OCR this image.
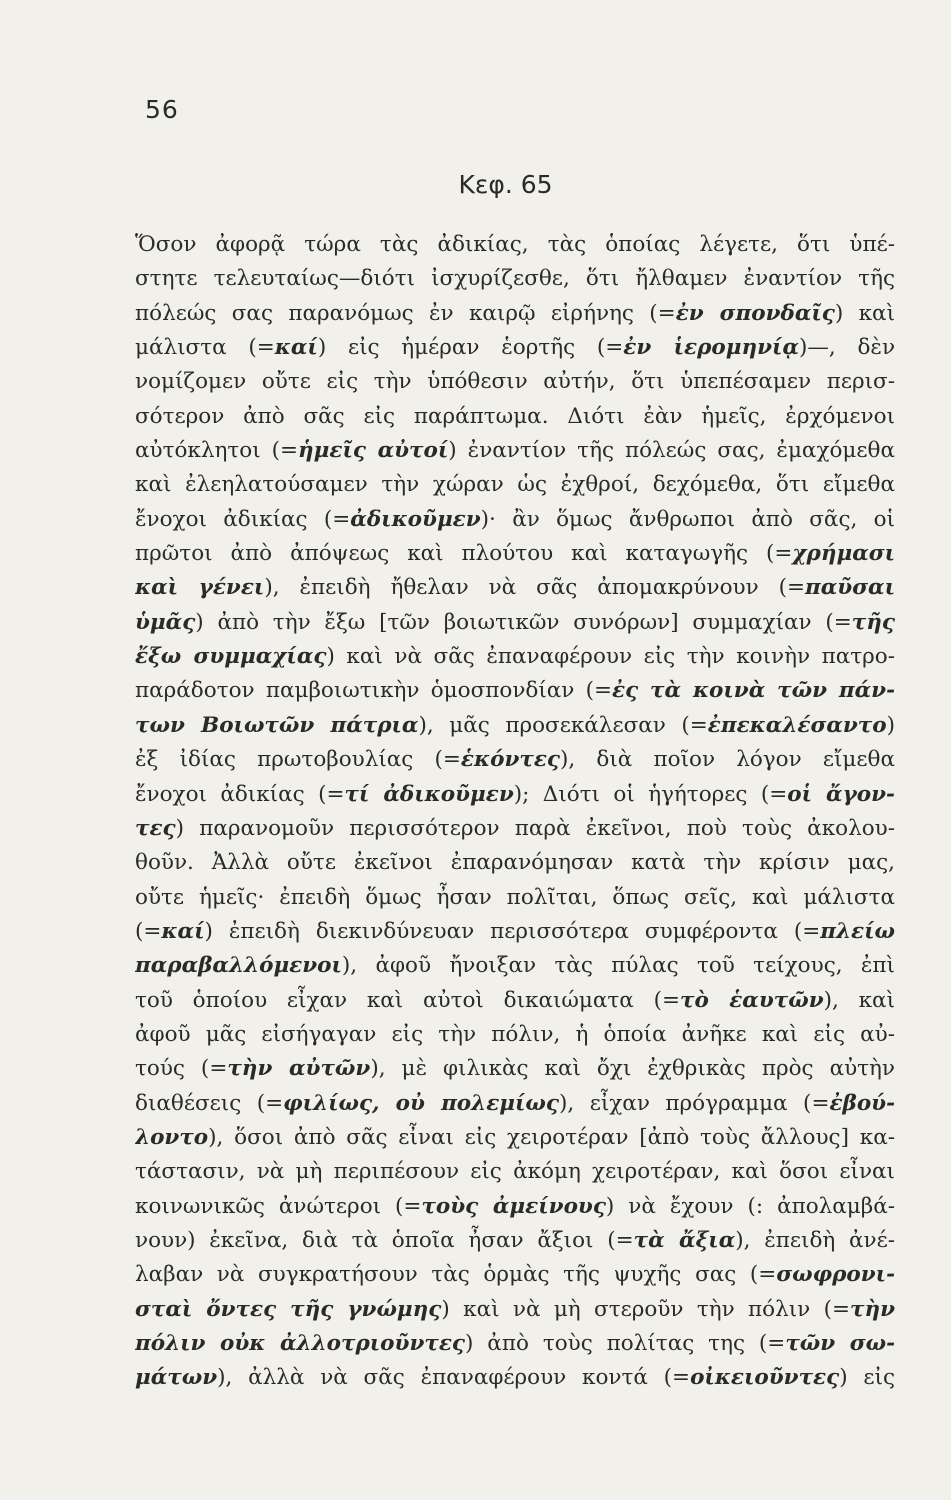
56
Κεφ. 65
Ὅσον ἀφορᾷ τώρα τὰς ἀδικίας, τὰς ὁποίας λέγετε, ὅτι ὑπέ-
στητε τελευταίως—διότι ἰσχυρίζεσθε, ὅτι ἤλθαμεν ἐναντίον τῆς
πόλεώς σας παρανόμως ἐν καιρῷ εἰρήνης (=ἐν σπονδαῖς) καὶ
μάλιστα (=καί) εἰς ἡμέραν ἑορτῆς (=ἐν ἱερομηνίᾳ)—, δὲν
νομίζομεν οὔτε εἰς τὴν ὑπόθεσιν αὐτήν, ὅτι ὑπεπέσαμεν περισ-
σότερον ἀπὸ σᾶς εἰς παράπτωμα. Διότι ἐὰν ἡμεῖς, ἐρχόμενοι
αὐτόκλητοι (=ἡμεῖς αὐτοί) ἐναντίον τῆς πόλεώς σας, ἐμαχόμεθα
καὶ ἐλεηλατούσαμεν τὴν χώραν ὡς ἐχθροί, δεχόμεθα, ὅτι εἴμεθα
ἔνοχοι ἀδικίας (=ἀδικοῦμεν)· ἂν ὅμως ἄνθρωποι ἀπὸ σᾶς, οἱ
πρῶτοι ἀπὸ ἀπόψεως καὶ πλούτου καὶ καταγωγῆς (=χρήμασι
καὶ γένει), ἐπειδὴ ἤθελαν νὰ σᾶς ἀπομακρύνουν (=παῦσαι
ὑμᾶς) ἀπὸ τὴν ἔξω [τῶν βοιωτικῶν συνόρων] συμμαχίαν (=τῆς
ἔξω συμμαχίας) καὶ νὰ σᾶς ἐπαναφέρουν εἰς τὴν κοινὴν πατρο-
παράδοτον παμβοιωτικὴν ὁμοσπονδίαν (=ἐς τὰ κοινὰ τῶν πάν-
των Βοιωτῶν πάτρια), μᾶς προσεκάλεσαν (=ἐπεκαλέσαντο)
ἐξ ἰδίας πρωτοβουλίας (=ἑκόντες), διὰ ποῖον λόγον εἴμεθα
ἔνοχοι ἀδικίας (=τί ἀδικοῦμεν); Διότι οἱ ἡγήτορες (=οἱ ἄγον-
τες) παρανομοῦν περισσότερον παρὰ ἐκεῖνοι, ποὺ τοὺς ἀκολου-
θοῦν. Ἀλλὰ οὔτε ἐκεῖνοι ἐπαρανόμησαν κατὰ τὴν κρίσιν μας,
οὔτε ἡμεῖς· ἐπειδὴ ὅμως ἦσαν πολῖται, ὅπως σεῖς, καὶ μάλιστα
(=καί) ἐπειδὴ διεκινδύνευαν περισσότερα συμφέροντα (=πλείω
παραβαλλόμενοι), ἀφοῦ ἤνοιξαν τὰς πύλας τοῦ τείχους, ἐπὶ
τοῦ ὁποίου εἶχαν καὶ αὐτοὶ δικαιώματα (=τὸ ἑαυτῶν), καὶ
ἀφοῦ μᾶς εἰσήγαγαν εἰς τὴν πόλιν, ἡ ὁποία ἀνῆκε καὶ εἰς αὐ-
τούς (=τὴν αὐτῶν), μὲ φιλικὰς καὶ ὄχι ἐχθρικὰς πρὸς αὐτὴν
διαθέσεις (=φιλίως, οὐ πολεμίως), εἶχαν πρόγραμμα (=ἐβού-
λοντο), ὅσοι ἀπὸ σᾶς εἶναι εἰς χειροτέραν [ἀπὸ τοὺς ἄλλους] κα-
τάστασιν, νὰ μὴ περιπέσουν εἰς ἀκόμη χειροτέραν, καὶ ὅσοι εἶναι
κοινωνικῶς ἀνώτεροι (=τοὺς ἀμείνους) νὰ ἔχουν (: ἀπολαμβά-
νουν) ἐκεῖνα, διὰ τὰ ὁποῖα ἦσαν ἄξιοι (=τὰ ἄξια), ἐπειδὴ ἀνέ-
λαβαν νὰ συγκρατήσουν τὰς ὁρμὰς τῆς ψυχῆς σας (=σωφρονι-
σταὶ ὄντες τῆς γνώμης) καὶ νὰ μὴ στεροῦν τὴν πόλιν (=τὴν
πόλιν οὐκ ἀλλοτριοῦντες) ἀπὸ τοὺς πολίτας της (=τῶν σω-
μάτων), ἀλλὰ νὰ σᾶς ἐπαναφέρουν κοντά (=οἰκειοῦντες) εἰς
